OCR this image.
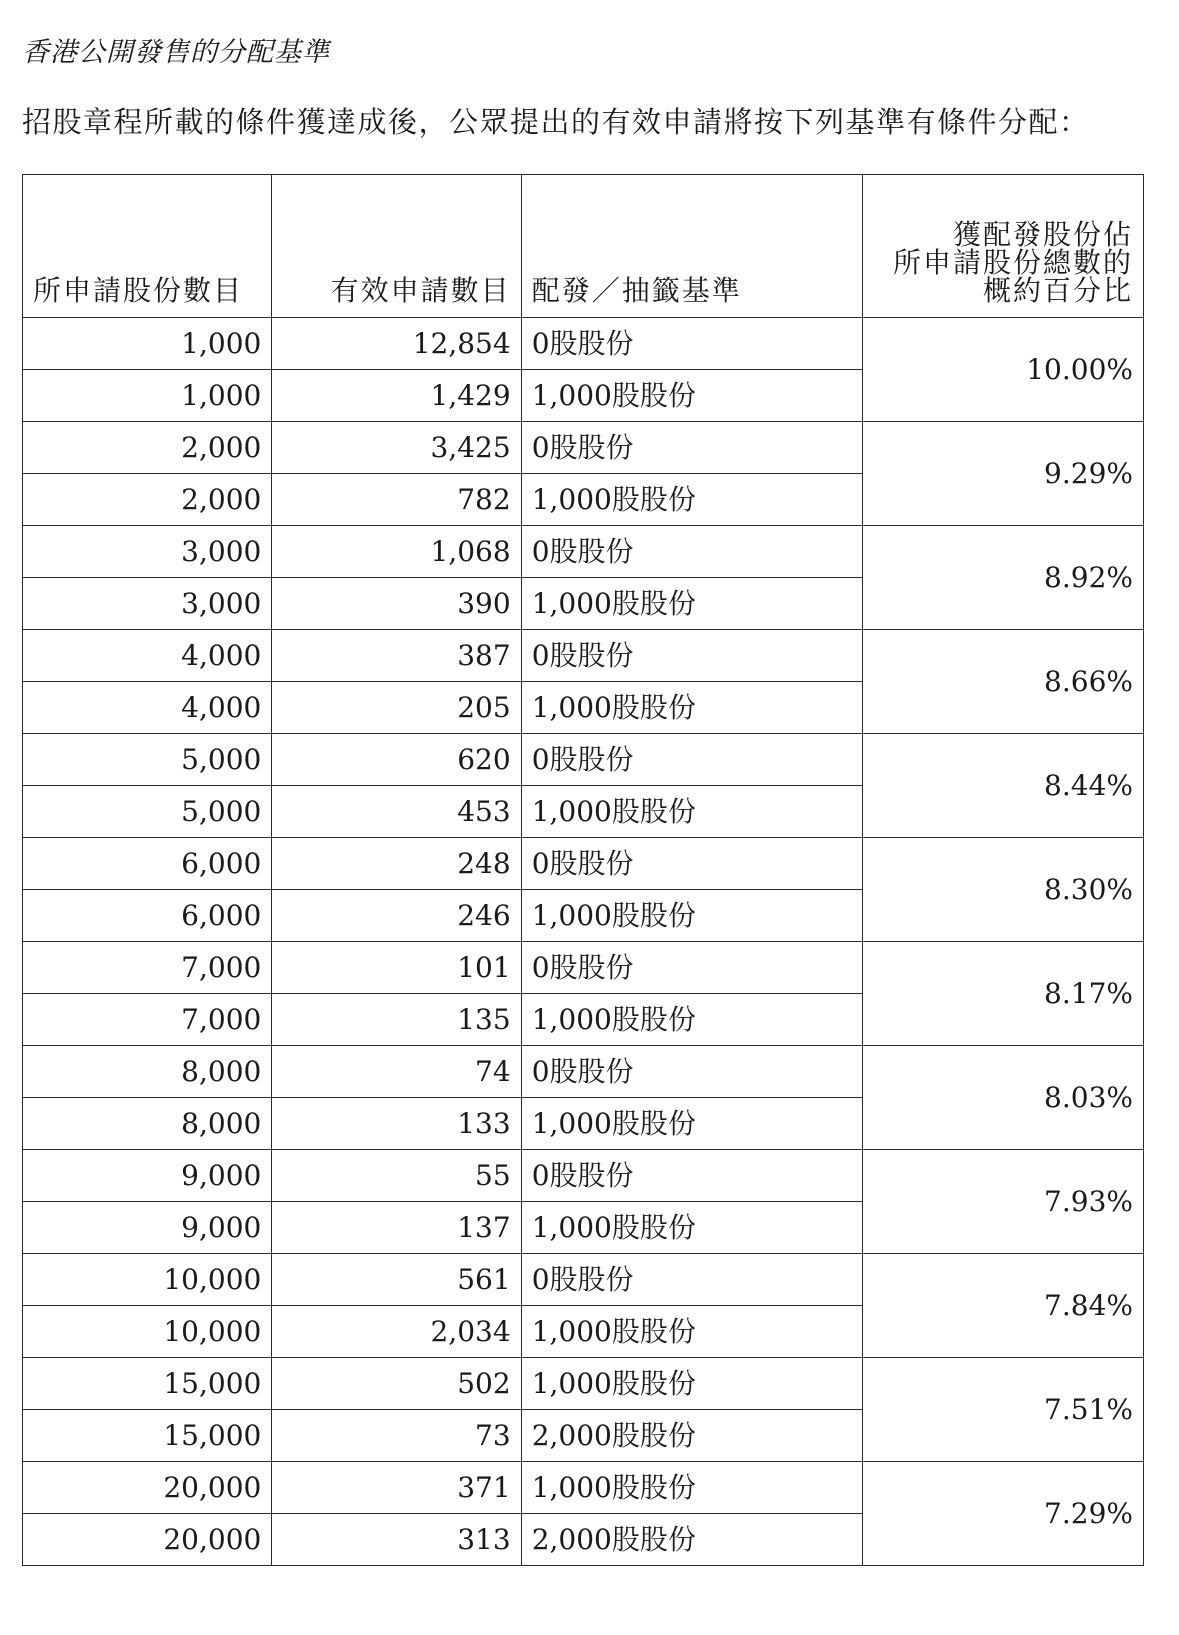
香港公開發售的分配基準
招股章程所載的條件獲達成後，公眾提出的有效申請將按下列基準有條件分配：
所申請股份數目	有效申請數目	配發／抽籤基準	獲配發股份佔
所申請股份總數的
概約百分比
1,000	12,854	0股股份	10.00%
1,000	1,429	1,000股股份	
2,000	3,425	0股股份	9.29%
2,000	782	1,000股股份	
3,000	1,068	0股股份	8.92%
3,000	390	1,000股股份	
4,000	387	0股股份	8.66%
4,000	205	1,000股股份	
5,000	620	0股股份	8.44%
5,000	453	1,000股股份	
6,000	248	0股股份	8.30%
6,000	246	1,000股股份	
7,000	101	0股股份	8.17%
7,000	135	1,000股股份	
8,000	74	0股股份	8.03%
8,000	133	1,000股股份	
9,000	55	0股股份	7.93%
9,000	137	1,000股股份	
10,000	561	0股股份	7.84%
10,000	2,034	1,000股股份	
15,000	502	1,000股股份	7.51%
15,000	73	2,000股股份	
20,000	371	1,000股股份	7.29%
20,000	313	2,000股股份	
